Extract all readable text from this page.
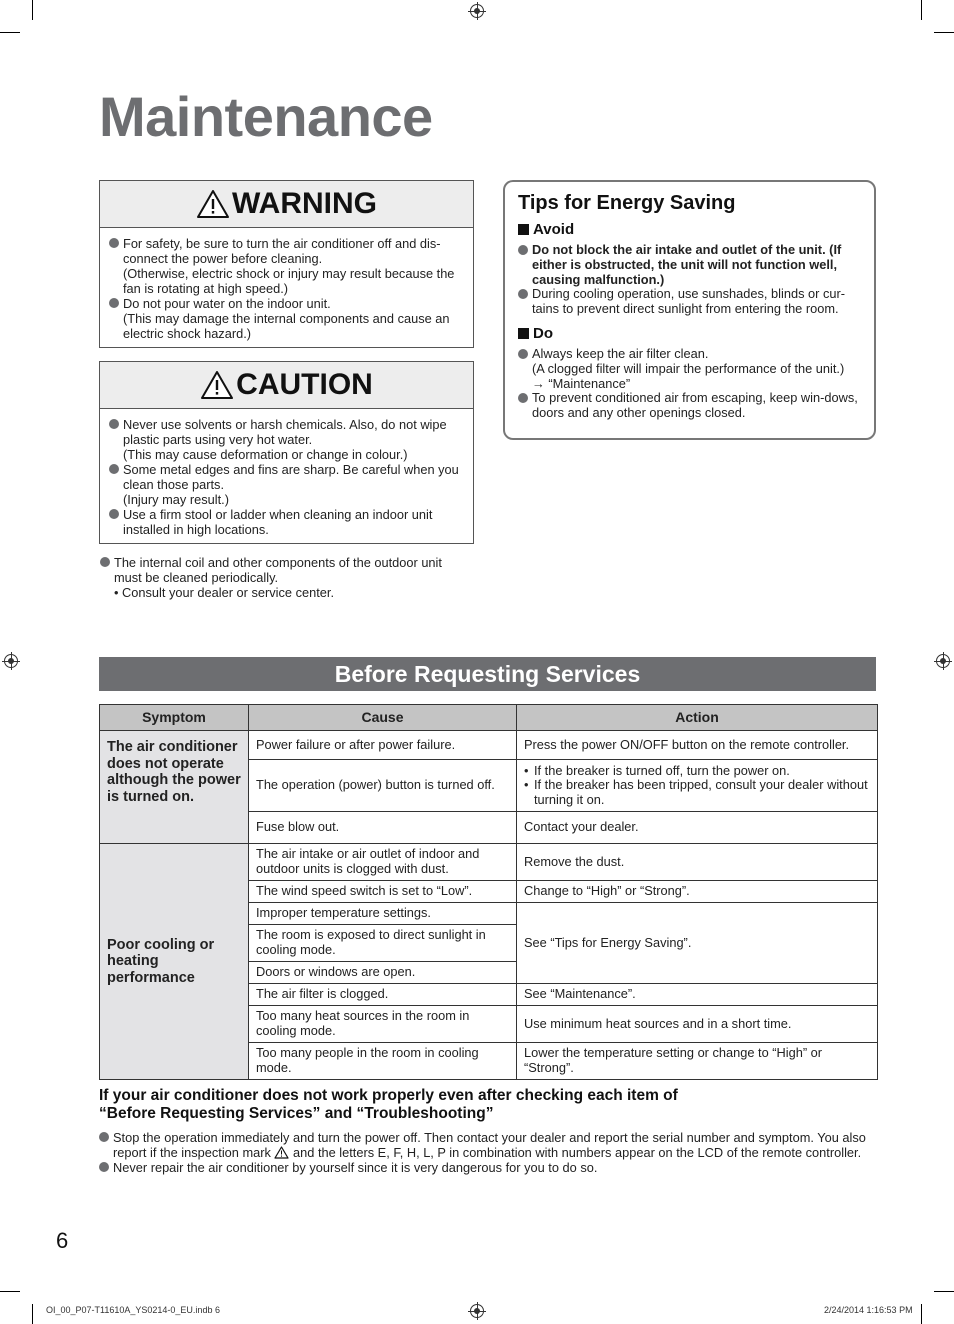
Maintenance
WARNING
For safety, be sure to turn the air conditioner off and dis-connect the power before cleaning.
(Otherwise, electric shock or injury may result because the fan is rotating at high speed.)
Do not pour water on the indoor unit.
(This may damage the internal components and cause an electric shock hazard.)
CAUTION
Never use solvents or harsh chemicals. Also, do not wipe plastic parts using very hot water.
(This may cause deformation or change in colour.)
Some metal edges and fins are sharp. Be careful when you clean those parts.
(Injury may result.)
Use a firm stool or ladder when cleaning an indoor unit installed in high locations.
The internal coil and other components of the outdoor unit must be cleaned periodically.
• Consult your dealer or service center.
Tips for Energy Saving
Avoid
Do not block the air intake and outlet of the unit. (If either is obstructed, the unit will not function well, causing malfunction.)
During cooling operation, use sunshades, blinds or cur-tains to prevent direct sunlight from entering the room.
Do
Always keep the air filter clean.
(A clogged filter will impair the performance of the unit.)
→ “Maintenance”
To prevent conditioned air from escaping, keep win-dows, doors and any other openings closed.
Before Requesting Services
Symptom	Cause	Action
The air conditioner does not operate although the power is turned on.	Power failure or after power failure.	Press the power ON/OFF button on the remote controller.
	The operation (power) button is turned off.	• If the breaker is turned off, turn the power on.
• If the breaker has been tripped, consult your dealer without turning it on.

	Fuse blow out.	Contact your dealer.
Poor cooling or heating performance	The air intake or air outlet of indoor and outdoor units is clogged with dust.	Remove the dust.
	The wind speed switch is set to “Low”.	Change to “High” or “Strong”.
	Improper temperature settings.	See “Tips for Energy Saving”.
	The room is exposed to direct sunlight in cooling mode.	
	Doors or windows are open.	
	The air filter is clogged.	See “Maintenance”.
	Too many heat sources in the room in cooling mode.	Use minimum heat sources and in a short time.
	Too many people in the room in cooling mode.	Lower the temperature setting or change to “High” or “Strong”.
If your air conditioner does not work properly even after checking each item of
“Before Requesting Services” and “Troubleshooting”
Stop the operation immediately and turn the power off. Then contact your dealer and report the serial number and symptom. You also report if the inspection mark and the letters E, F, H, L, P in combination with numbers appear on the LCD of the remote controller.
Never repair the air conditioner by yourself since it is very dangerous for you to do so.
6
OI_00_P07-T11610A_YS0214-0_EU.indb 6	2/24/2014 1:16:53 PM
